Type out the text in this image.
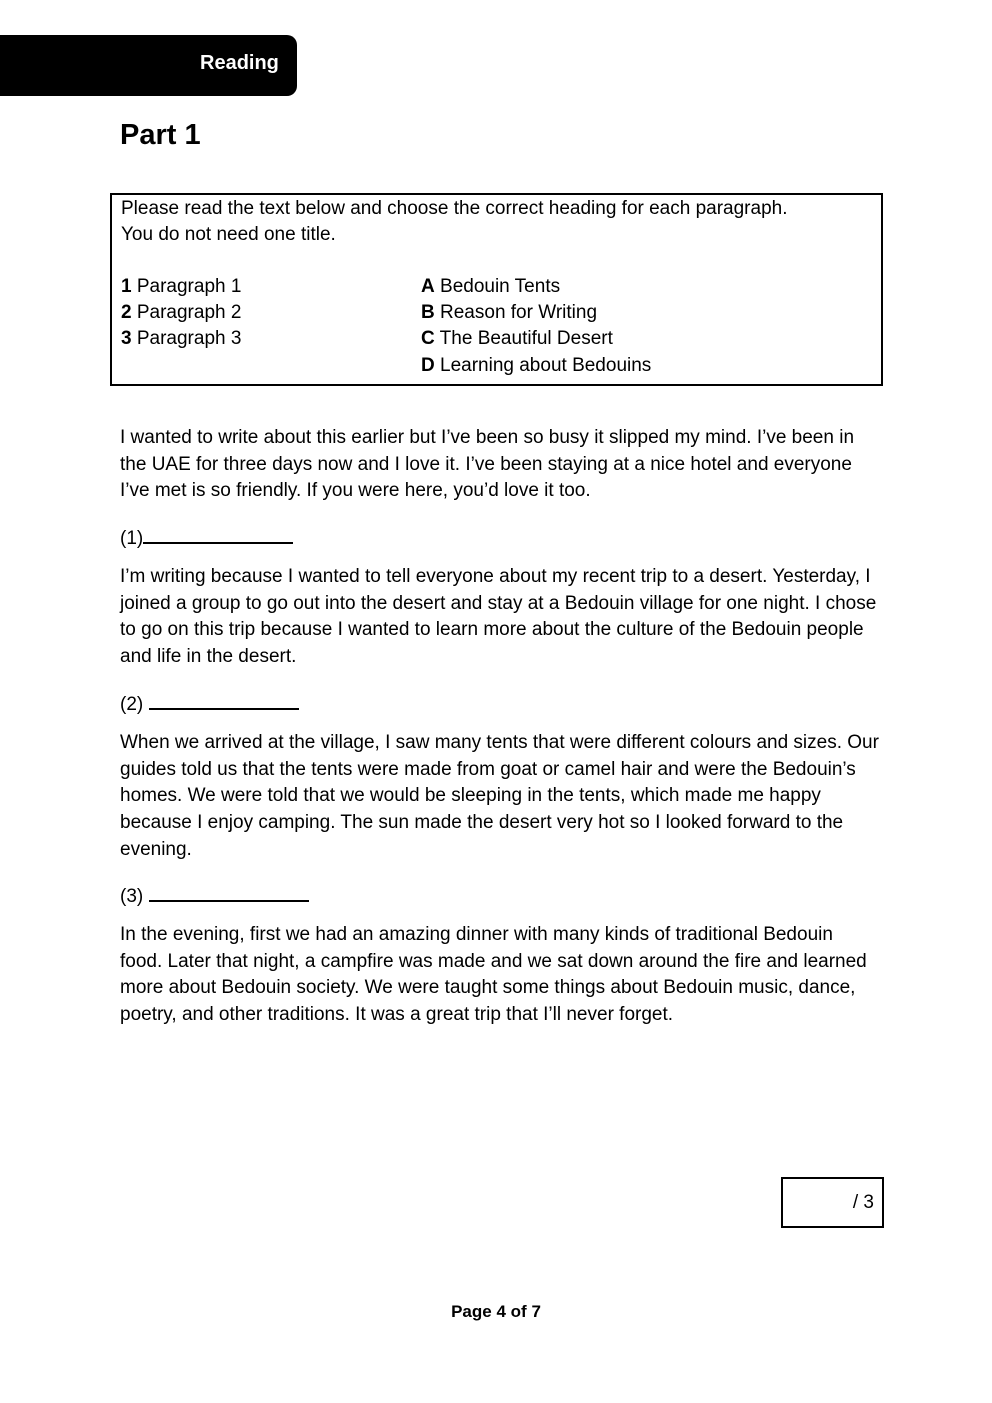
Reading
Part 1
Please read the text below and choose the correct heading for each paragraph.
You do not need one title.
1 Paragraph 1
2 Paragraph 2
3 Paragraph 3
A Bedouin Tents
B Reason for Writing
C The Beautiful Desert
D Learning about Bedouins

I wanted to write about this earlier but I’ve been so busy it slipped my mind. I’ve been in the UAE for three days now and I love it. I’ve been staying at a nice hotel and everyone I’ve met is so friendly. If you were here, you’d love it too.

(1)

I’m writing because I wanted to tell everyone about my recent trip to a desert. Yesterday, I joined a group to go out into the desert and stay at a Bedouin village for one night. I chose to go on this trip because I wanted to learn more about the culture of the Bedouin people and life in the desert.

(2)

When we arrived at the village, I saw many tents that were different colours and sizes. Our guides told us that the tents were made from goat or camel hair and were the Bedouin’s homes. We were told that we would be sleeping in the tents, which made me happy because I enjoy camping. The sun made the desert very hot so I looked forward to the evening.

(3)

In the evening, first we had an amazing dinner with many kinds of traditional Bedouin food. Later that night, a campfire was made and we sat down around the fire and learned more about Bedouin society. We were taught some things about Bedouin music, dance, poetry, and other traditions. It was a great trip that I’ll never forget.

/ 3
Page 4 of 7
